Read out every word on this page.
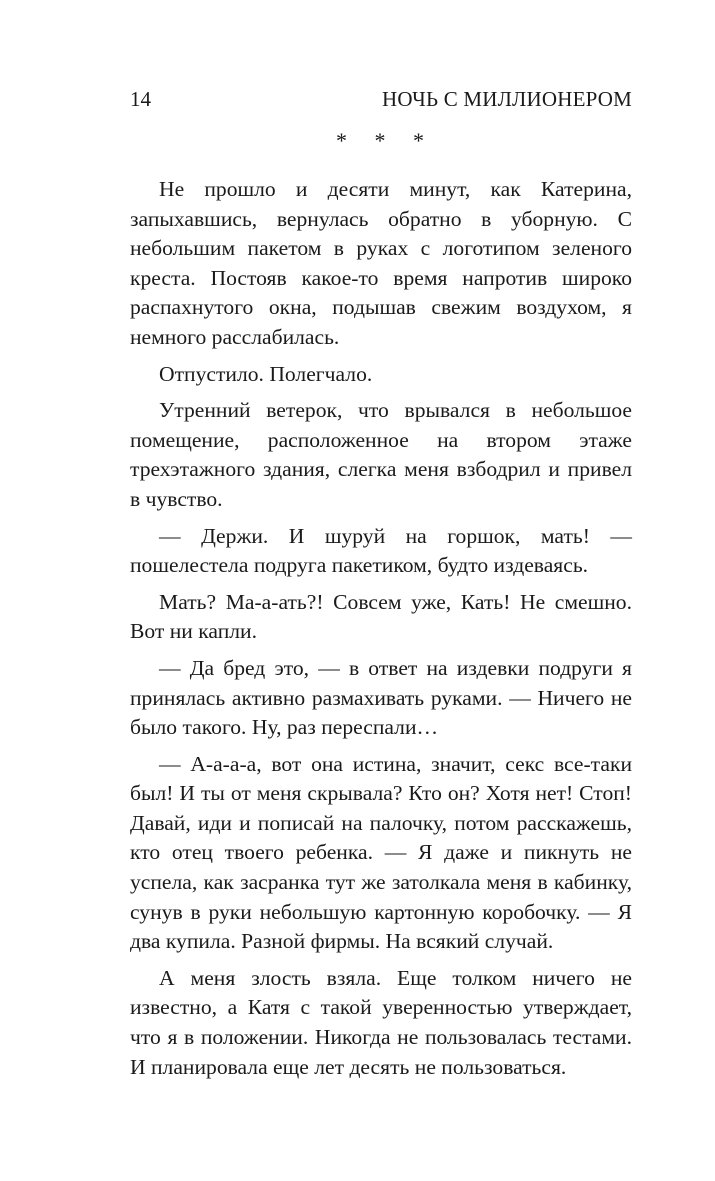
14	НОЧЬ С МИЛЛИОНЕРОМ
* * *

Не прошло и десяти минут, как Катерина, запыхавшись, вернулась обратно в уборную. С небольшим пакетом в руках с логотипом зеленого креста. Постояв какое-то время напротив широко распахнутого окна, подышав свежим воздухом, я немного расслабилась.

Отпустило. Полегчало.

Утренний ветерок, что врывался в небольшое помещение, расположенное на втором этаже трехэтажного здания, слегка меня взбодрил и привел в чувство.

— Держи. И шуруй на горшок, мать! — пошелестела подруга пакетиком, будто издеваясь.

Мать? Ма-а-ать?! Совсем уже, Кать! Не смешно. Вот ни капли.

— Да бред это, — в ответ на издевки подруги я принялась активно размахивать руками. — Ничего не было такого. Ну, раз переспали…

— А-а-а-а, вот она истина, значит, секс все-таки был! И ты от меня скрывала? Кто он? Хотя нет! Стоп! Давай, иди и пописай на палочку, потом расскажешь, кто отец твоего ребенка. — Я даже и пикнуть не успела, как засранка тут же затолкала меня в кабинку, сунув в руки небольшую картонную коробочку. — Я два купила. Разной фирмы. На всякий случай.

А меня злость взяла. Еще толком ничего не известно, а Катя с такой уверенностью утверждает, что я в положении. Никогда не пользовалась тестами. И планировала еще лет десять не пользоваться.
